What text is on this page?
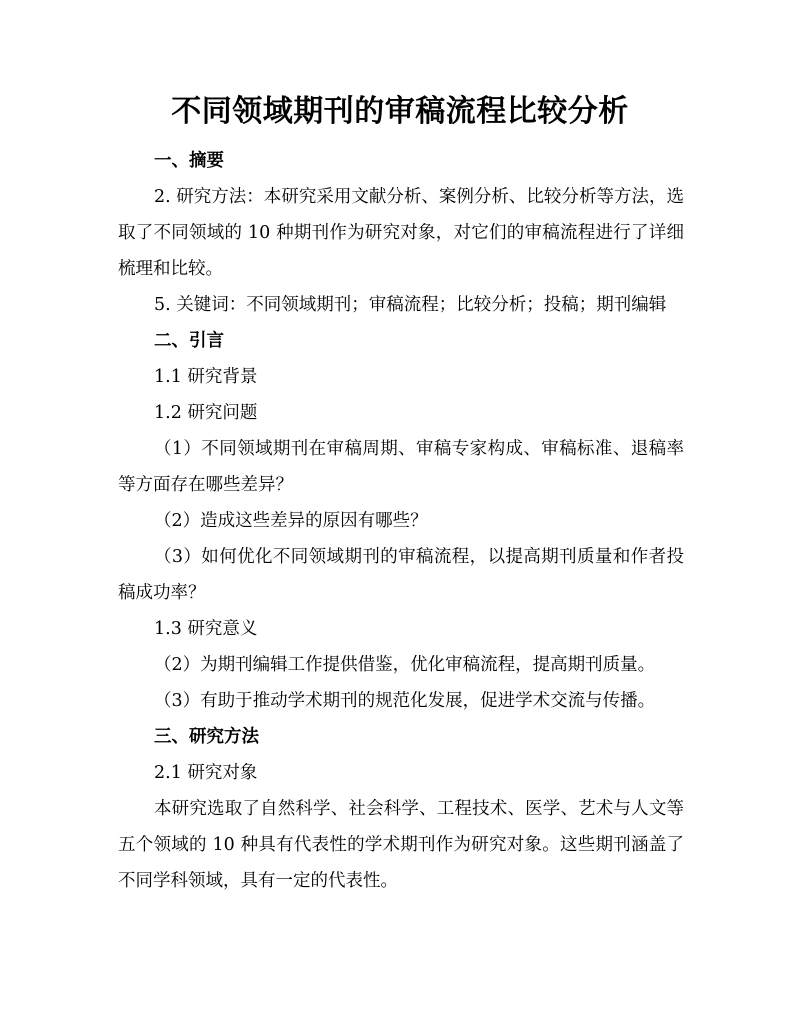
不同领域期刊的审稿流程比较分析

一、摘要

2. 研究方法：本研究采用文献分析、案例分析、比较分析等方法，选取了不同领域的 10 种期刊作为研究对象，对它们的审稿流程进行了详细梳理和比较。

5. 关键词：不同领域期刊；审稿流程；比较分析；投稿；期刊编辑

二、引言

1.1 研究背景

1.2 研究问题

（1）不同领域期刊在审稿周期、审稿专家构成、审稿标准、退稿率等方面存在哪些差异？

（2）造成这些差异的原因有哪些？

（3）如何优化不同领域期刊的审稿流程，以提高期刊质量和作者投稿成功率？

1.3 研究意义

（2）为期刊编辑工作提供借鉴，优化审稿流程，提高期刊质量。

（3）有助于推动学术期刊的规范化发展，促进学术交流与传播。

三、研究方法

2.1 研究对象

本研究选取了自然科学、社会科学、工程技术、医学、艺术与人文等五个领域的 10 种具有代表性的学术期刊作为研究对象。这些期刊涵盖了不同学科领域，具有一定的代表性。
